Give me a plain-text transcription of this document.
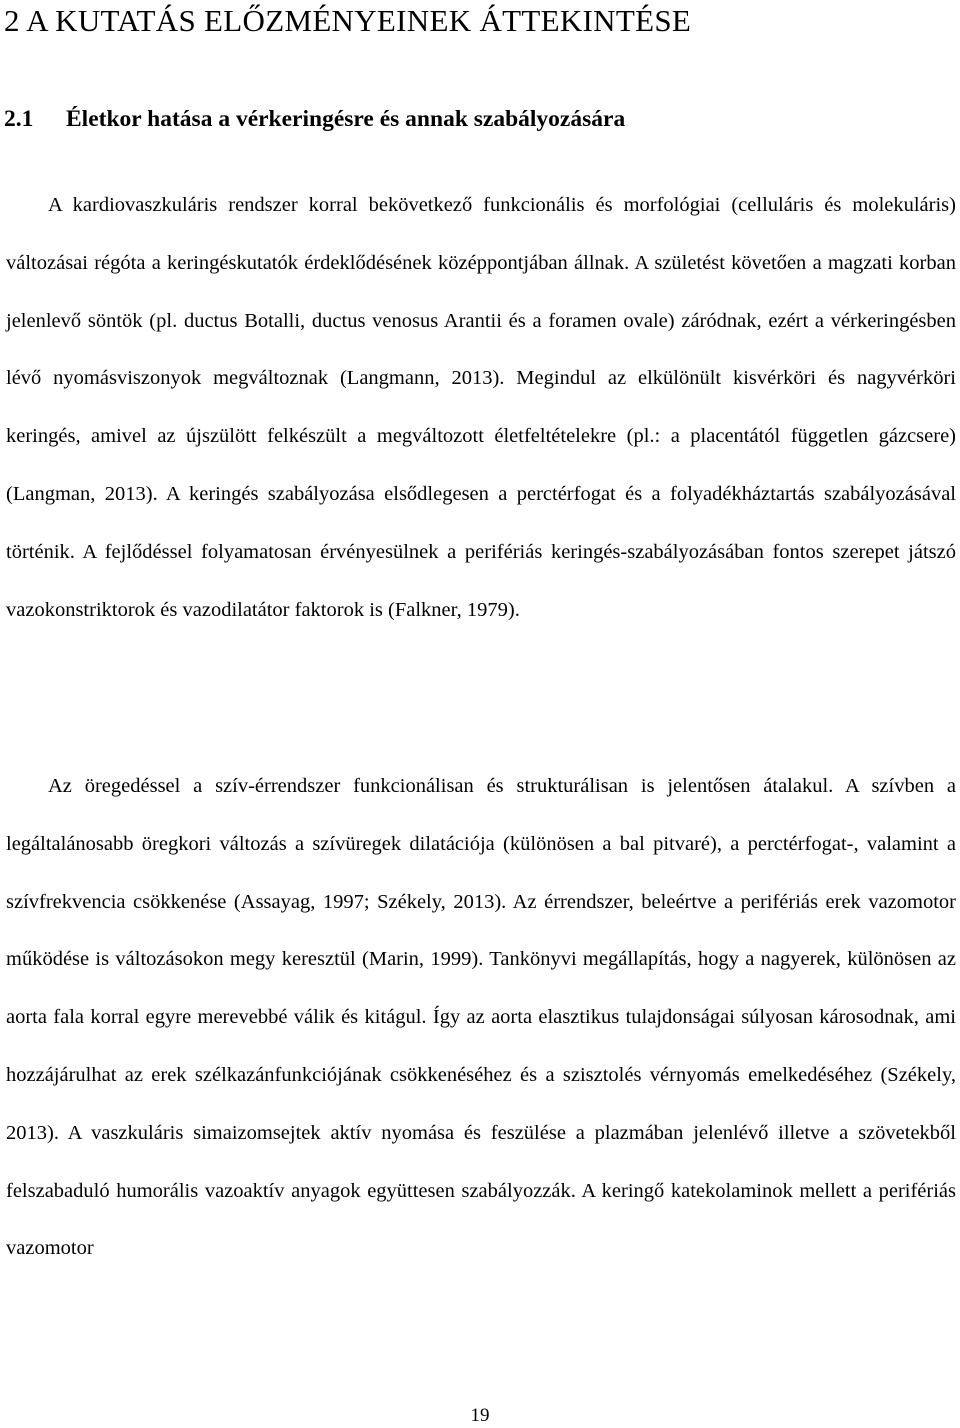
2 A KUTATÁS ELŐZMÉNYEINEK ÁTTEKINTÉSE
2.1 Életkor hatása a vérkeringésre és annak szabályozására

A kardiovaszkuláris rendszer korral bekövetkező funkcionális és morfológiai (celluláris és molekuláris) változásai régóta a keringéskutatók érdeklődésének középpontjában állnak. A születést követően a magzati korban jelenlevő söntök (pl. ductus Botalli, ductus venosus Arantii és a foramen ovale) záródnak, ezért a vérkeringésben lévő nyomásviszonyok megváltoznak (Langmann, 2013). Megindul az elkülönült kisvérköri és nagyvérköri keringés, amivel az újszülött felkészült a megváltozott életfeltételekre (pl.: a placentától független gázcsere) (Langman, 2013). A keringés szabályozása elsődlegesen a perctérfogat és a folyadékháztartás szabályozásával történik. A fejlődéssel folyamatosan érvényesülnek a perifériás keringés-szabályozásában fontos szerepet játszó vazokonstriktorok és vazodilatátor faktorok is (Falkner, 1979).

Az öregedéssel a szív-érrendszer funkcionálisan és strukturálisan is jelentősen átalakul. A szívben a legáltalánosabb öregkori változás a szívüregek dilatációja (különösen a bal pitvaré), a perctérfogat-, valamint a szívfrekvencia csökkenése (Assayag, 1997; Székely, 2013). Az érrendszer, beleértve a perifériás erek vazomotor működése is változásokon megy keresztül (Marin, 1999). Tankönyvi megállapítás, hogy a nagyerek, különösen az aorta fala korral egyre merevebbé válik és kitágul. Így az aorta elasztikus tulajdonságai súlyosan károsodnak, ami hozzájárulhat az erek szélkazánfunkciójának csökkenéséhez és a szisztolés vérnyomás emelkedéséhez (Székely, 2013). A vaszkuláris simaizomsejtek aktív nyomása és feszülése a plazmában jelenlévő illetve a szövetekből felszabaduló humorális vazoaktív anyagok együttesen szabályozzák. A keringő katekolaminok mellett a perifériás vazomotor

19
